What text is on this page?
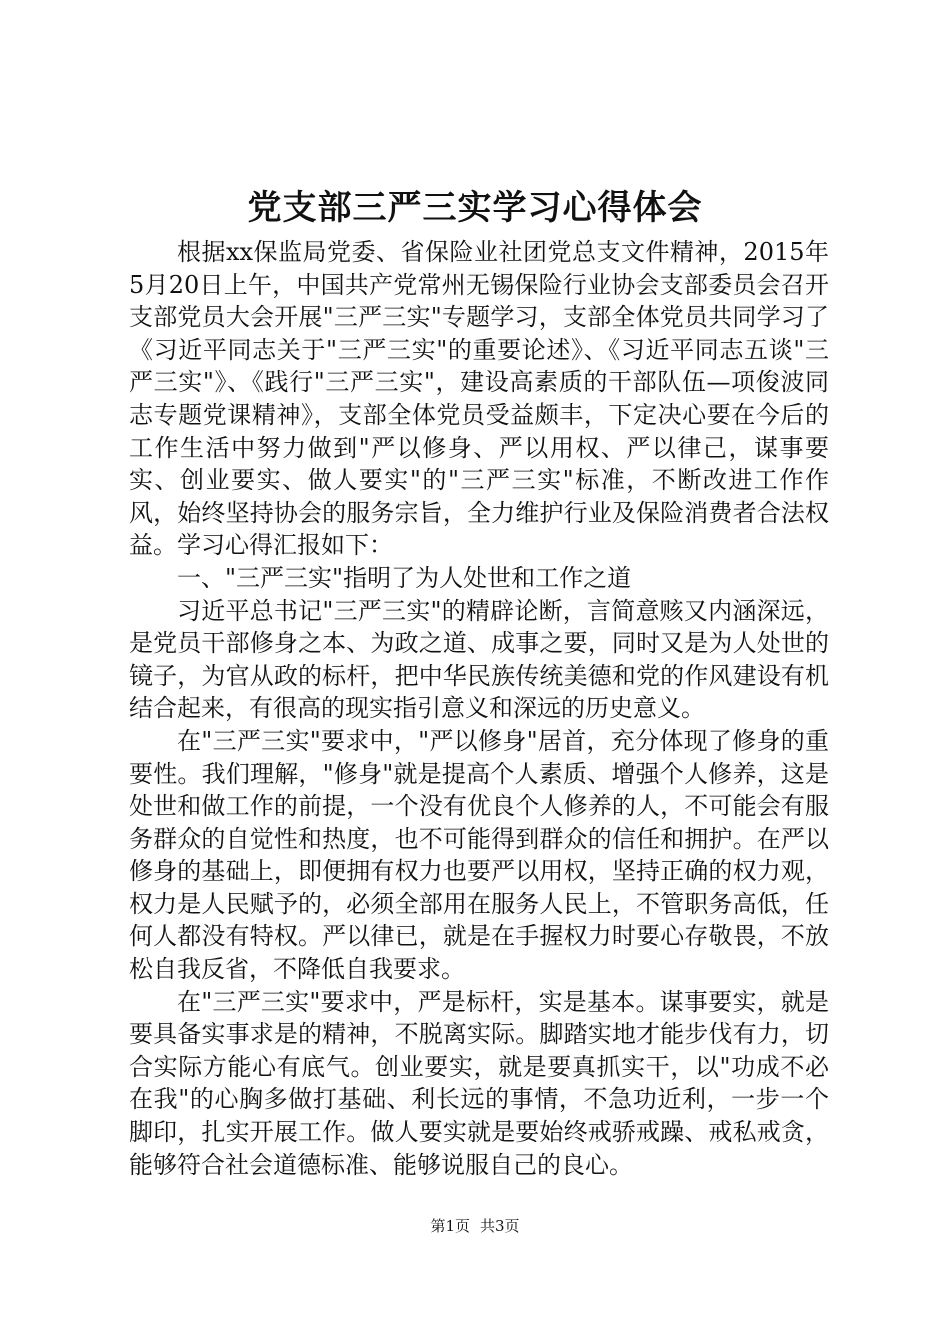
党支部三严三实学习心得体会

根据xx保监局党委、省保险业社团党总支文件精神，2015年5月20日上午，中国共产党常州无锡保险行业协会支部委员会召开支部党员大会开展"三严三实"专题学习，支部全体党员共同学习了《习近平同志关于"三严三实"的重要论述》、《习近平同志五谈"三严三实"》、《践行"三严三实"，建设高素质的干部队伍—项俊波同志专题党课精神》，支部全体党员受益颇丰，下定决心要在今后的工作生活中努力做到"严以修身、严以用权、严以律己，谋事要实、创业要实、做人要实"的"三严三实"标准，不断改进工作作风，始终坚持协会的服务宗旨，全力维护行业及保险消费者合法权益。学习心得汇报如下：

一、"三严三实"指明了为人处世和工作之道

习近平总书记"三严三实"的精辟论断，言简意赅又内涵深远，是党员干部修身之本、为政之道、成事之要，同时又是为人处世的镜子，为官从政的标杆，把中华民族传统美德和党的作风建设有机结合起来，有很高的现实指引意义和深远的历史意义。

在"三严三实"要求中，"严以修身"居首，充分体现了修身的重要性。我们理解，"修身"就是提高个人素质、增强个人修养，这是处世和做工作的前提，一个没有优良个人修养的人，不可能会有服务群众的自觉性和热度，也不可能得到群众的信任和拥护。在严以修身的基础上，即便拥有权力也要严以用权，坚持正确的权力观，权力是人民赋予的，必须全部用在服务人民上，不管职务高低，任何人都没有特权。严以律已，就是在手握权力时要心存敬畏，不放松自我反省，不降低自我要求。

在"三严三实"要求中，严是标杆，实是基本。谋事要实，就是要具备实事求是的精神，不脱离实际。脚踏实地才能步伐有力，切合实际方能心有底气。创业要实，就是要真抓实干，以"功成不必在我"的心胸多做打基础、利长远的事情，不急功近利，一步一个脚印，扎实开展工作。做人要实就是要始终戒骄戒躁、戒私戒贪，能够符合社会道德标准、能够说服自己的良心。

第1页 共3页
